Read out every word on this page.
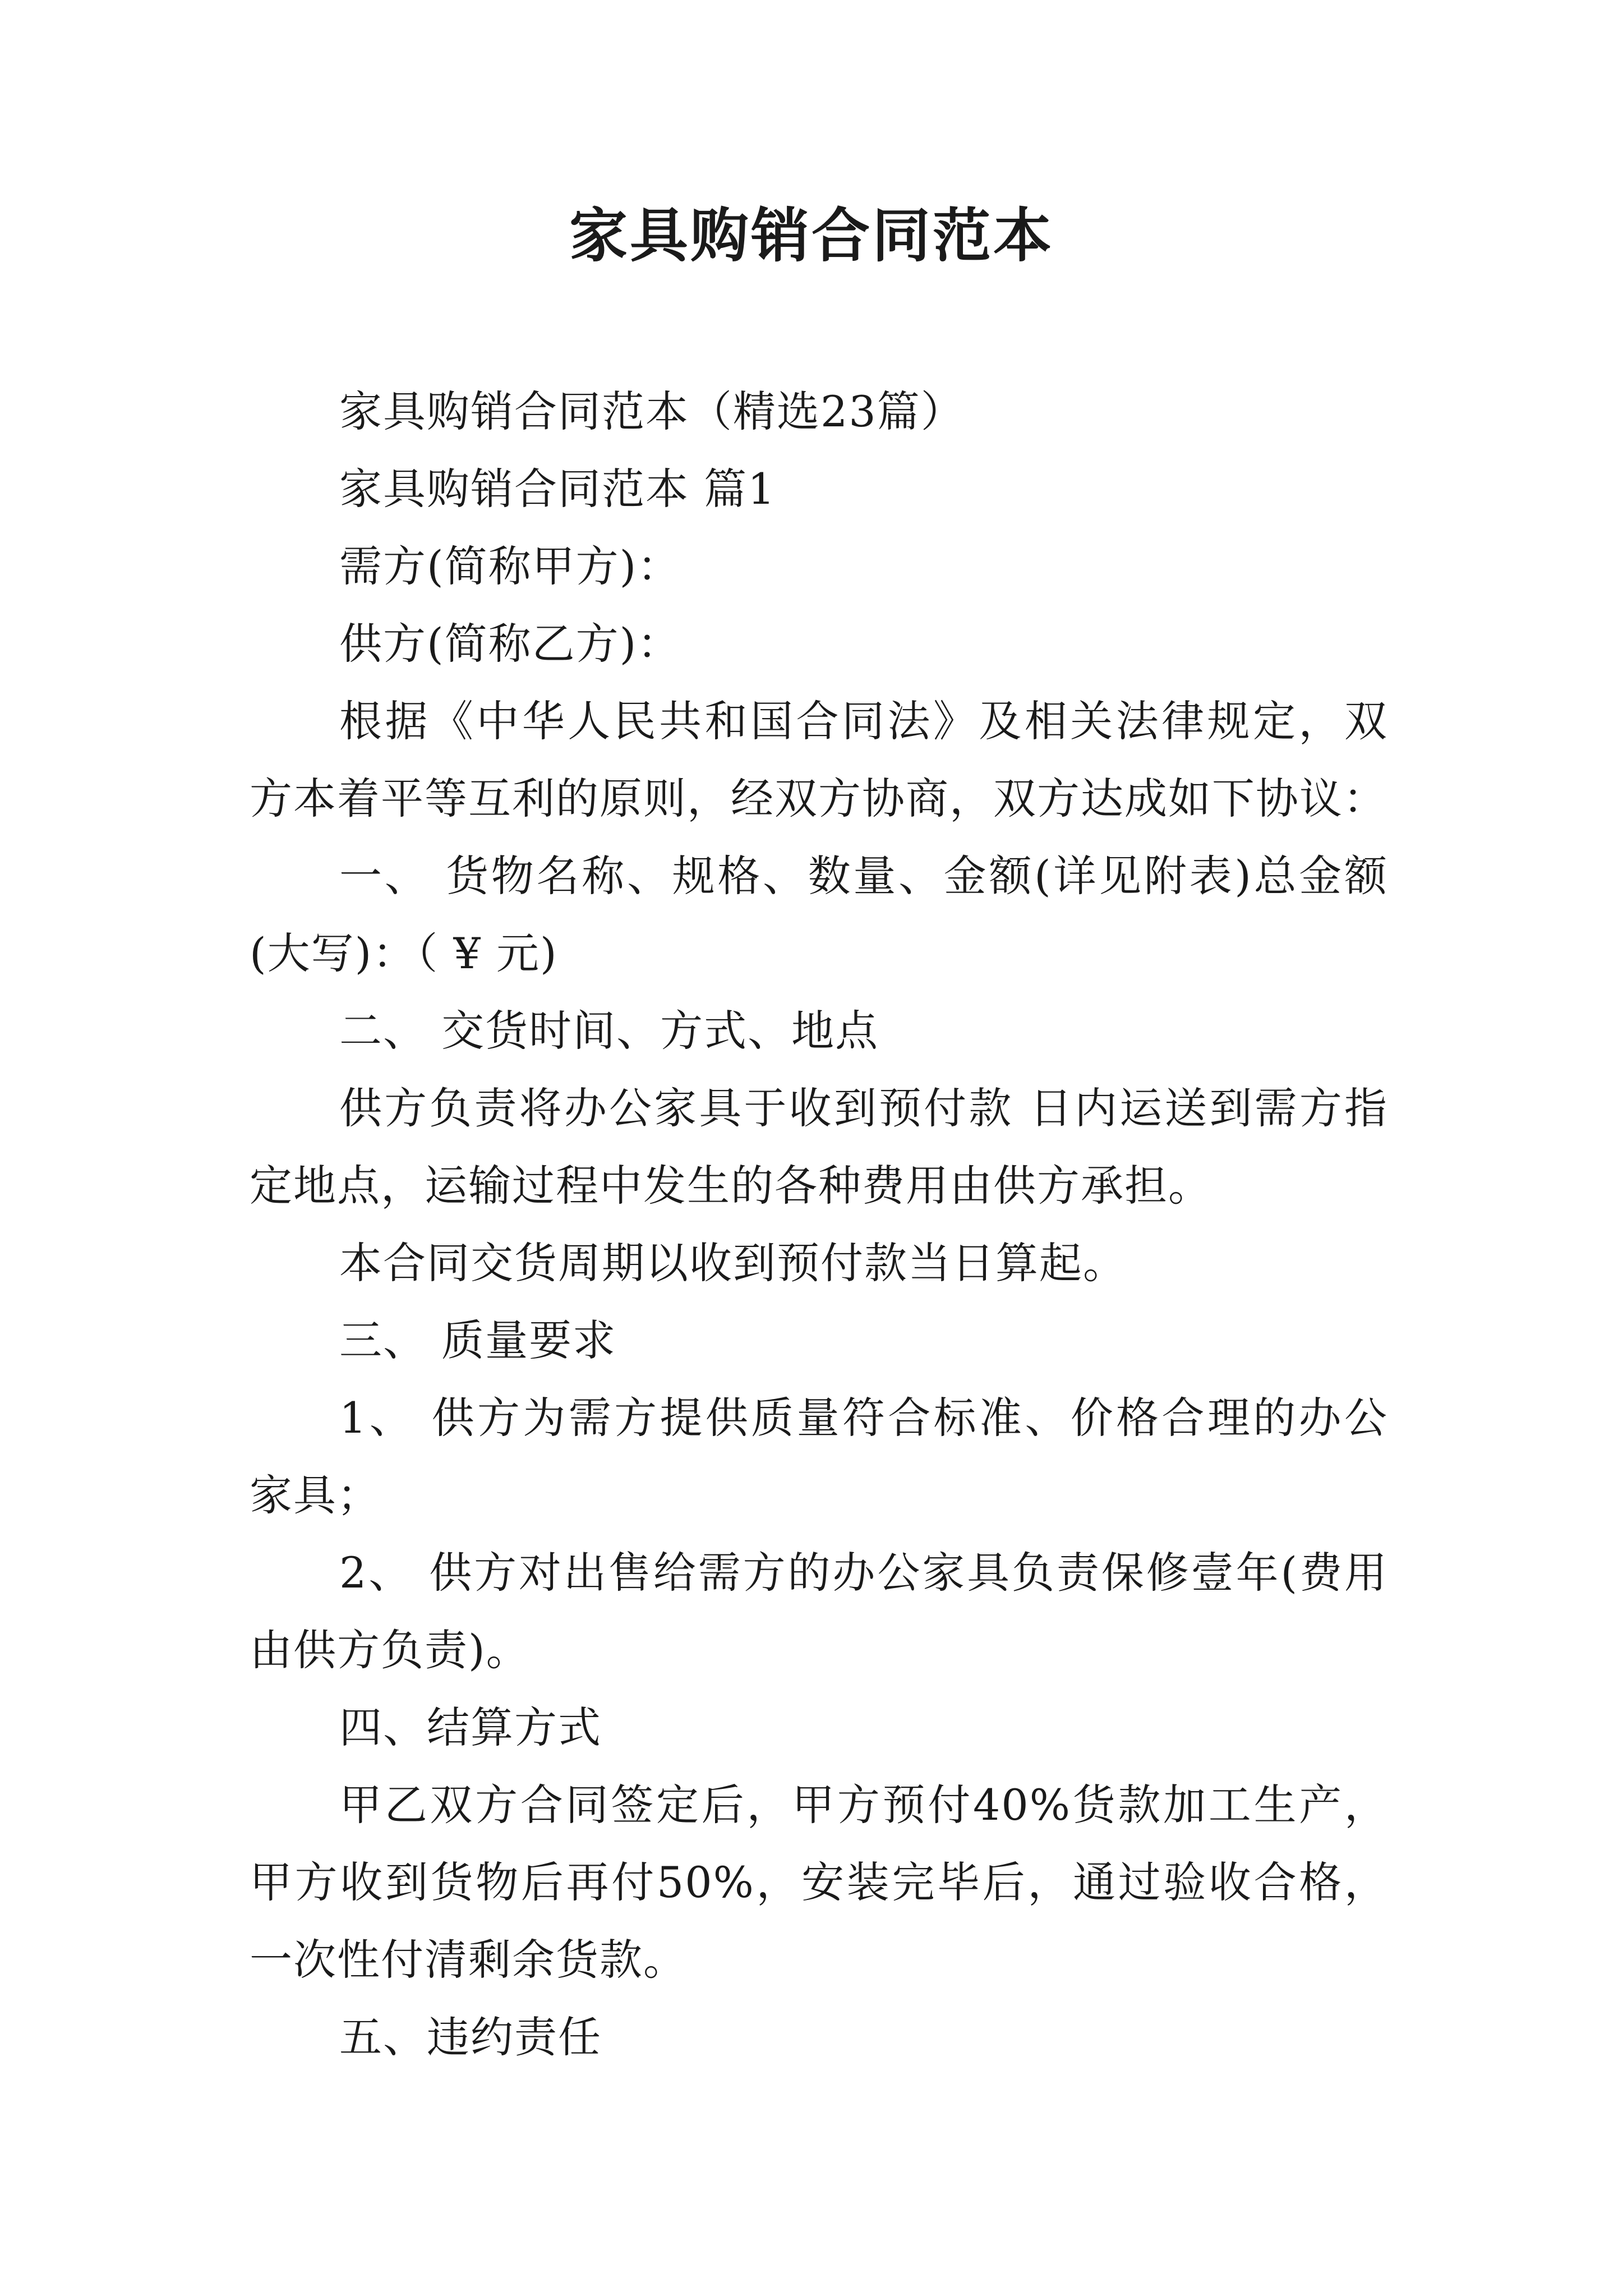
家具购销合同范本

家具购销合同范本（精选23篇）

家具购销合同范本 篇1

需方(简称甲方)：

供方(简称乙方)：

根据《中华人民共和国合同法》及相关法律规定，双方本着平等互利的原则，经双方协商，双方达成如下协议：

一、 货物名称、规格、数量、金额(详见附表)总金额(大写)：（ ¥ 元)

二、 交货时间、方式、地点

供方负责将办公家具于收到预付款 日内运送到需方指定地点，运输过程中发生的各种费用由供方承担。

本合同交货周期以收到预付款当日算起。

三、 质量要求

1、 供方为需方提供质量符合标准、价格合理的办公家具；

2、 供方对出售给需方的办公家具负责保修壹年(费用由供方负责)。

四、结算方式

甲乙双方合同签定后，甲方预付40%货款加工生产，甲方收到货物后再付50%，安装完毕后，通过验收合格，一次性付清剩余货款。

五、违约责任
